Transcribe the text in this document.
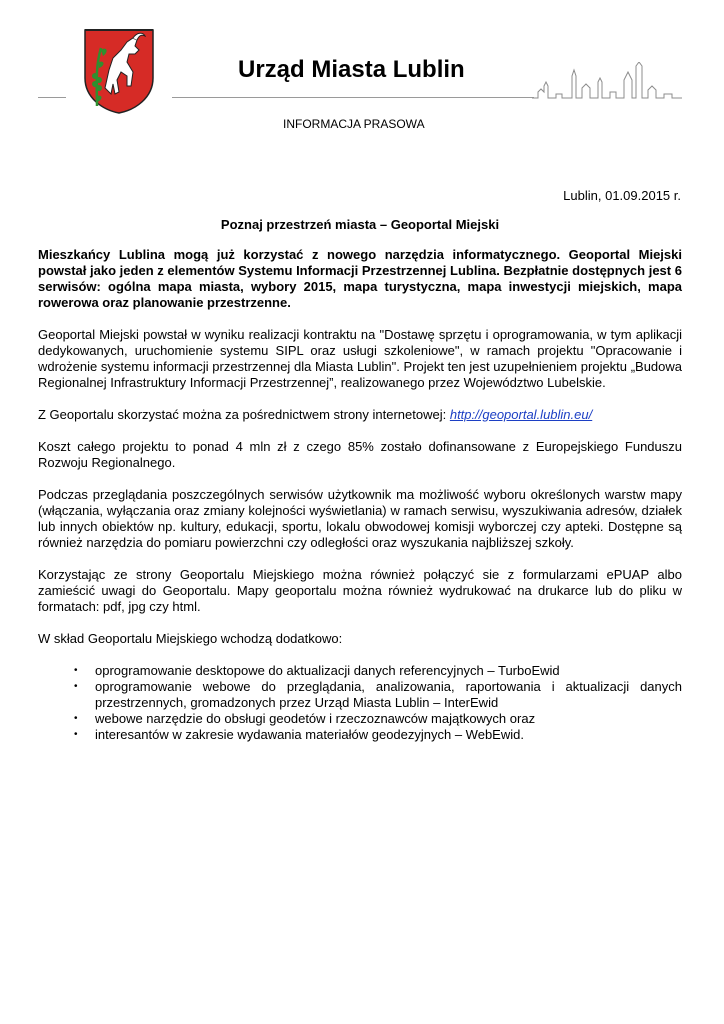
Urząd Miasta Lublin
INFORMACJA PRASOWA
Lublin, 01.09.2015 r.
Poznaj przestrzeń miasta – Geoportal Miejski

Mieszkańcy Lublina mogą już korzystać z nowego narzędzia informatycznego. Geoportal Miejski powstał jako jeden z elementów Systemu Informacji Przestrzennej Lublina. Bezpłatnie dostępnych jest 6 serwisów: ogólna mapa miasta, wybory 2015, mapa turystyczna, mapa inwestycji miejskich, mapa rowerowa oraz planowanie przestrzenne.

Geoportal Miejski powstał w wyniku realizacji kontraktu na "Dostawę sprzętu i oprogramowania, w tym aplikacji dedykowanych, uruchomienie systemu SIPL oraz usługi szkoleniowe", w ramach projektu "Opracowanie i wdrożenie systemu informacji przestrzennej dla Miasta Lublin". Projekt ten jest uzupełnieniem projektu „Budowa Regionalnej Infrastruktury Informacji Przestrzennej”, realizowanego przez Województwo Lubelskie.

Z Geoportalu skorzystać można za pośrednictwem strony internetowej: http://geoportal.lublin.eu/

Koszt całego projektu to ponad 4 mln zł z czego 85% zostało dofinansowane z Europejskiego Funduszu Rozwoju Regionalnego.

Podczas przeglądania poszczególnych serwisów użytkownik ma możliwość wyboru określonych warstw mapy (włączania, wyłączania oraz zmiany kolejności wyświetlania) w ramach serwisu, wyszukiwania adresów, działek lub innych obiektów np. kultury, edukacji, sportu, lokalu obwodowej komisji wyborczej czy apteki. Dostępne są również narzędzia do pomiaru powierzchni czy odległości oraz wyszukania najbliższej szkoły.

Korzystając ze strony Geoportalu Miejskiego można również połączyć sie z formularzami ePUAP albo zamieścić uwagi do Geoportalu. Mapy geoportalu można również wydrukować na drukarce lub do pliku w formatach: pdf, jpg czy html.

W skład Geoportalu Miejskiego wchodzą dodatkowo:

• oprogramowanie desktopowe do aktualizacji danych referencyjnych – TurboEwid
• oprogramowanie webowe do przeglądania, analizowania, raportowania i aktualizacji danych przestrzennych, gromadzonych przez Urząd Miasta Lublin – InterEwid
• webowe narzędzie do obsługi geodetów i rzeczoznawców majątkowych oraz
• interesantów w zakresie wydawania materiałów geodezyjnych – WebEwid.
